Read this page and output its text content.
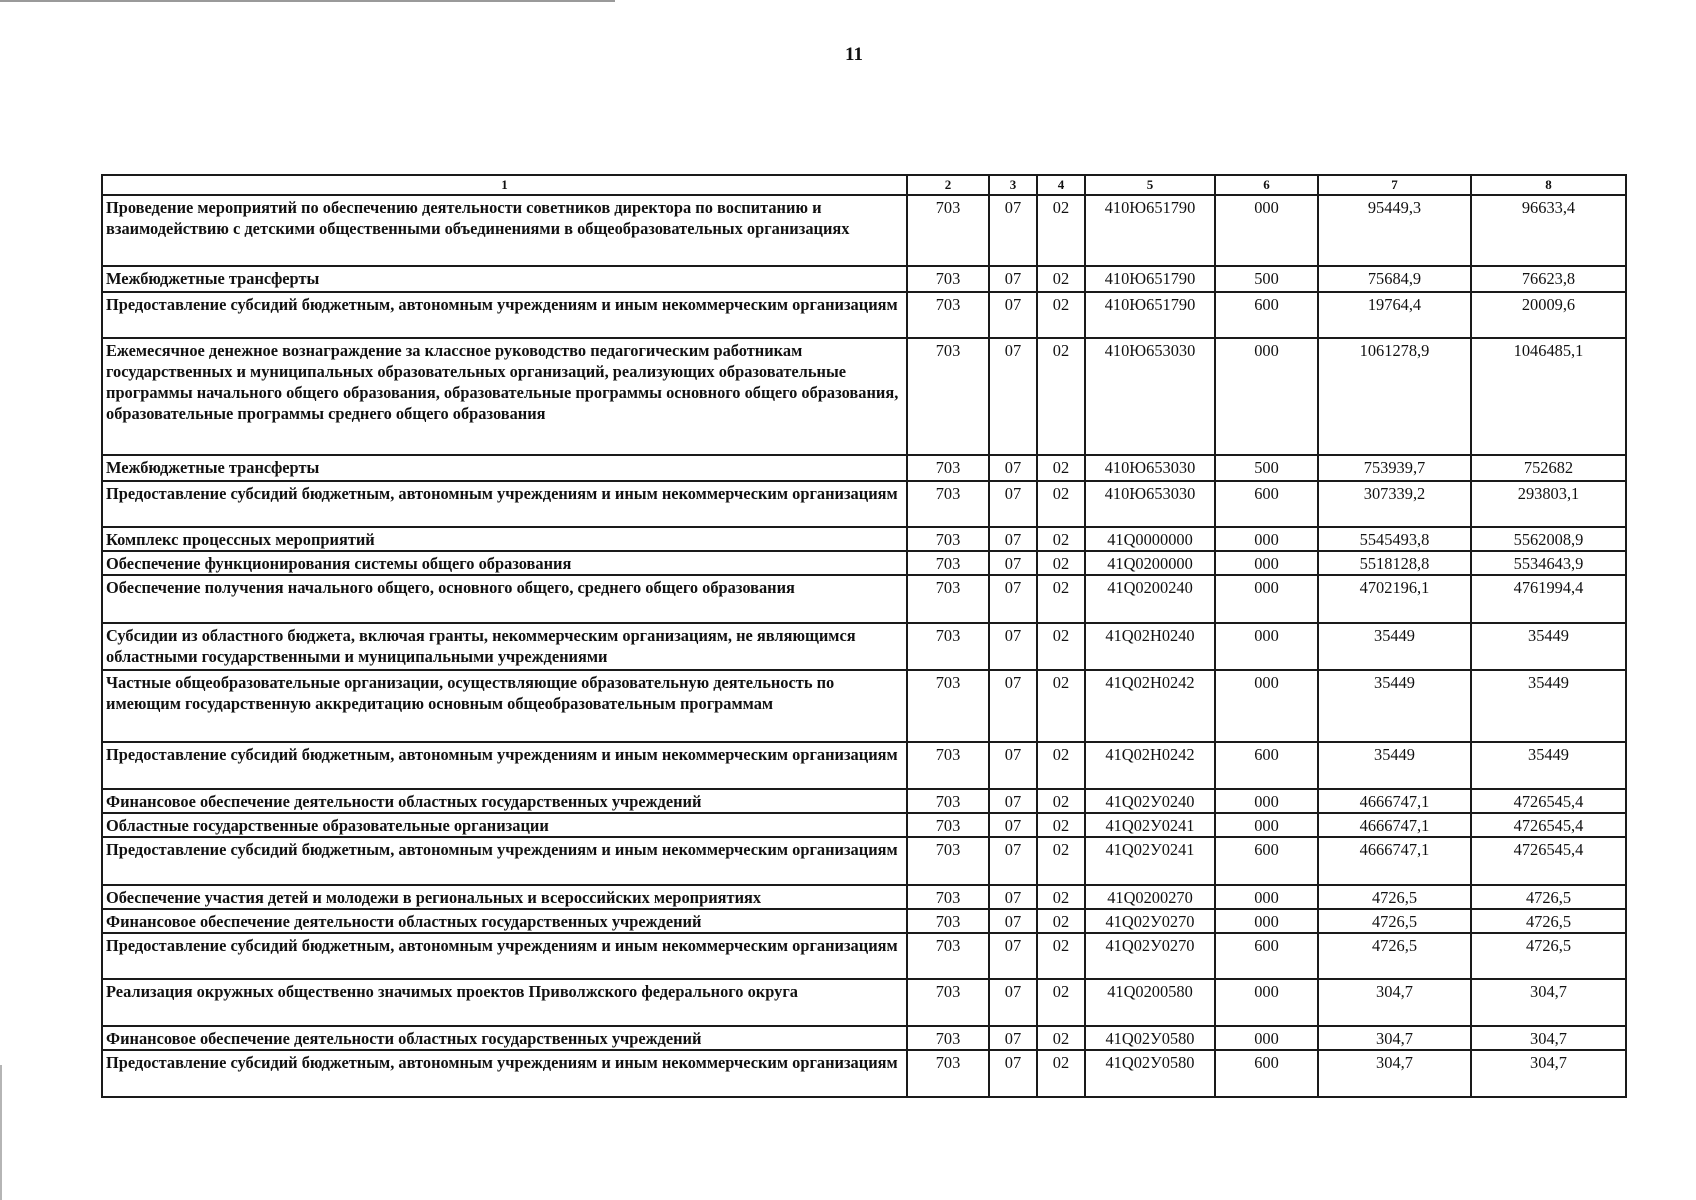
11
1	2	3	4	5	6	7	8
Проведение мероприятий по обеспечению деятельности советников директора по воспитанию и взаимодействию с детскими общественными объединениями в общеобразовательных организациях	703	07	02	410Ю651790	000	95449,3	96633,4
Межбюджетные трансферты	703	07	02	410Ю651790	500	75684,9	76623,8
Предоставление субсидий бюджетным, автономным учреждениям и иным некоммерческим организациям	703	07	02	410Ю651790	600	19764,4	20009,6
Ежемесячное денежное вознаграждение за классное руководство педагогическим работникам государственных и муниципальных образовательных организаций, реализующих образовательные программы начального общего образования, образовательные программы основного общего образования, образовательные программы среднего общего образования	703	07	02	410Ю653030	000	1061278,9	1046485,1
Межбюджетные трансферты	703	07	02	410Ю653030	500	753939,7	752682
Предоставление субсидий бюджетным, автономным учреждениям и иным некоммерческим организациям	703	07	02	410Ю653030	600	307339,2	293803,1
Комплекс процессных мероприятий	703	07	02	41Q0000000	000	5545493,8	5562008,9
Обеспечение функционирования системы общего образования	703	07	02	41Q0200000	000	5518128,8	5534643,9
Обеспечение получения начального общего, основного общего, среднего общего образования	703	07	02	41Q0200240	000	4702196,1	4761994,4
Субсидии из областного бюджета, включая гранты, некоммерческим организациям, не являющимся областными государственными и муниципальными учреждениями	703	07	02	41Q02Н0240	000	35449	35449
Частные общеобразовательные организации, осуществляющие образовательную деятельность по имеющим государственную аккредитацию основным общеобразовательным программам	703	07	02	41Q02Н0242	000	35449	35449
Предоставление субсидий бюджетным, автономным учреждениям и иным некоммерческим организациям	703	07	02	41Q02Н0242	600	35449	35449
Финансовое обеспечение деятельности областных государственных учреждений	703	07	02	41Q02У0240	000	4666747,1	4726545,4
Областные государственные образовательные организации	703	07	02	41Q02У0241	000	4666747,1	4726545,4
Предоставление субсидий бюджетным, автономным учреждениям и иным некоммерческим организациям	703	07	02	41Q02У0241	600	4666747,1	4726545,4
Обеспечение участия детей и молодежи в региональных и всероссийских мероприятиях	703	07	02	41Q0200270	000	4726,5	4726,5
Финансовое обеспечение деятельности областных государственных учреждений	703	07	02	41Q02У0270	000	4726,5	4726,5
Предоставление субсидий бюджетным, автономным учреждениям и иным некоммерческим организациям	703	07	02	41Q02У0270	600	4726,5	4726,5
Реализация окружных общественно значимых проектов Приволжского федерального округа	703	07	02	41Q0200580	000	304,7	304,7
Финансовое обеспечение деятельности областных государственных учреждений	703	07	02	41Q02У0580	000	304,7	304,7
Предоставление субсидий бюджетным, автономным учреждениям и иным некоммерческим организациям	703	07	02	41Q02У0580	600	304,7	304,7
